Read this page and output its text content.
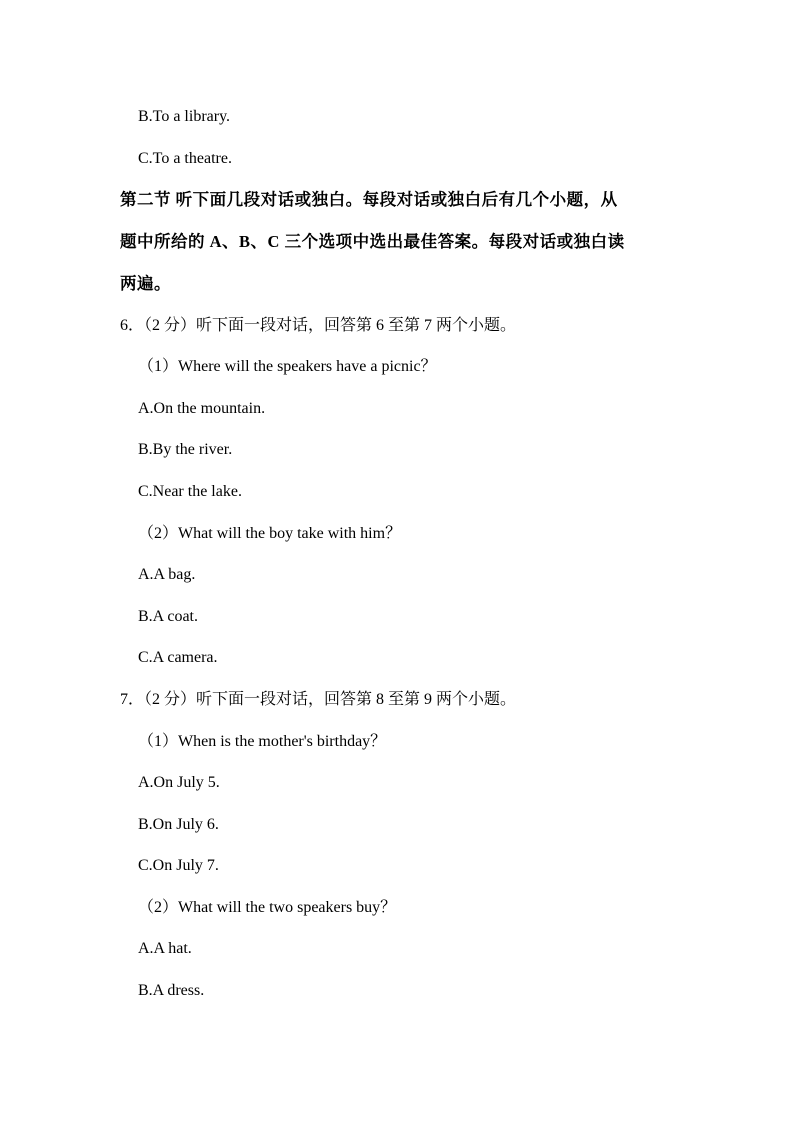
B.To a library.
C.To a theatre.
第二节 听下面几段对话或独白。每段对话或独白后有几个小题，从
题中所给的 A、B、C 三个选项中选出最佳答案。每段对话或独白读
两遍。
6．（2 分）听下面一段对话，回答第 6 至第 7 两个小题。
（1）Where will the speakers have a picnic？
A.On the mountain.
B.By the river.
C.Near the lake.
（2）What will the boy take with him？
A.A bag.
B.A coat.
C.A camera.
7．（2 分）听下面一段对话，回答第 8 至第 9 两个小题。
（1）When is the mother's birthday？
A.On July 5.
B.On July 6.
C.On July 7.
（2）What will the two speakers buy？
A.A hat.
B.A dress.
